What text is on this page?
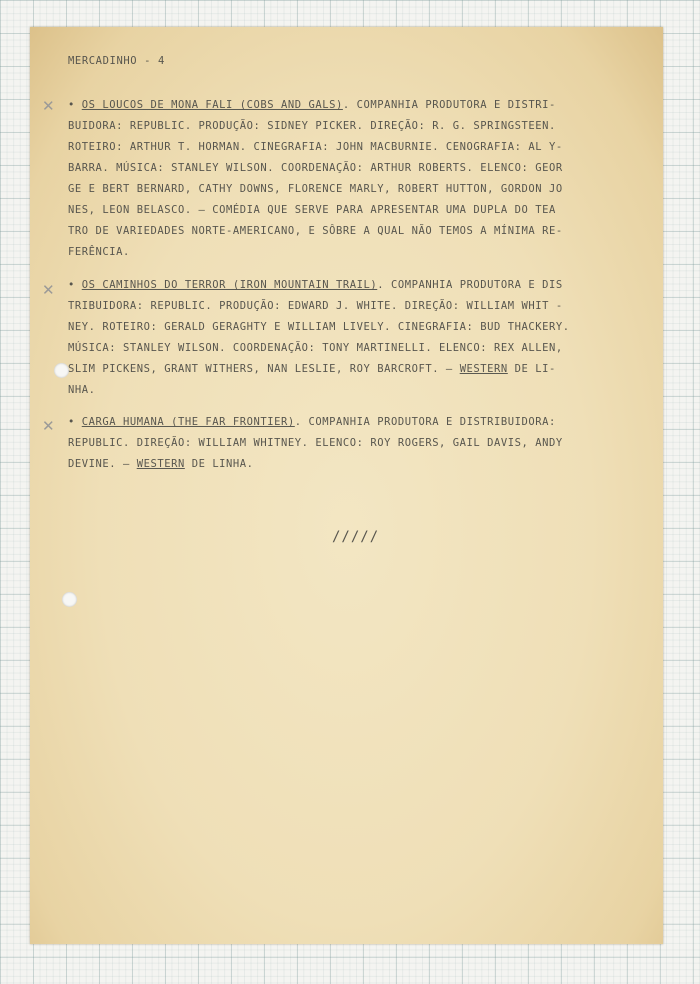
MERCADINHO - 4

✕ • OS LOUCOS DE MONA FALI (COBS AND GALS). COMPANHIA PRODUTORA E DISTRI-
BUIDORA: REPUBLIC. PRODUÇÃO: SIDNEY PICKER. DIREÇÃO: R. G. SPRINGSTEEN.
ROTEIRO: ARTHUR T. HORMAN. CINEGRAFIA: JOHN MACBURNIE. CENOGRAFIA: AL Y-
BARRA. MÚSICA: STANLEY WILSON. COORDENAÇÃO: ARTHUR ROBERTS. ELENCO: GEOR
GE E BERT BERNARD, CATHY DOWNS, FLORENCE MARLY, ROBERT HUTTON, GORDON JO
NES, LEON BELASCO. — COMÉDIA QUE SERVE PARA APRESENTAR UMA DUPLA DO TEA
TRO DE VARIEDADES NORTE-AMERICANO, E SÔBRE A QUAL NÃO TEMOS A MÍNIMA RE-
FERÊNCIA.
✕ • OS CAMINHOS DO TERROR (IRON MOUNTAIN TRAIL). COMPANHIA PRODUTORA E DIS
TRIBUIDORA: REPUBLIC. PRODUÇÃO: EDWARD J. WHITE. DIREÇÃO: WILLIAM WHIT -
NEY. ROTEIRO: GERALD GERAGHTY E WILLIAM LIVELY. CINEGRAFIA: BUD THACKERY.
MÚSICA: STANLEY WILSON. COORDENAÇÃO: TONY MARTINELLI. ELENCO: REX ALLEN,
SLIM PICKENS, GRANT WITHERS, NAN LESLIE, ROY BARCROFT. — WESTERN DE LI-
NHA.
✕ • CARGA HUMANA (THE FAR FRONTIER). COMPANHIA PRODUTORA E DISTRIBUIDORA:
REPUBLIC. DIREÇÃO: WILLIAM WHITNEY. ELENCO: ROY ROGERS, GAIL DAVIS, ANDY
DEVINE. — WESTERN DE LINHA.

/////
